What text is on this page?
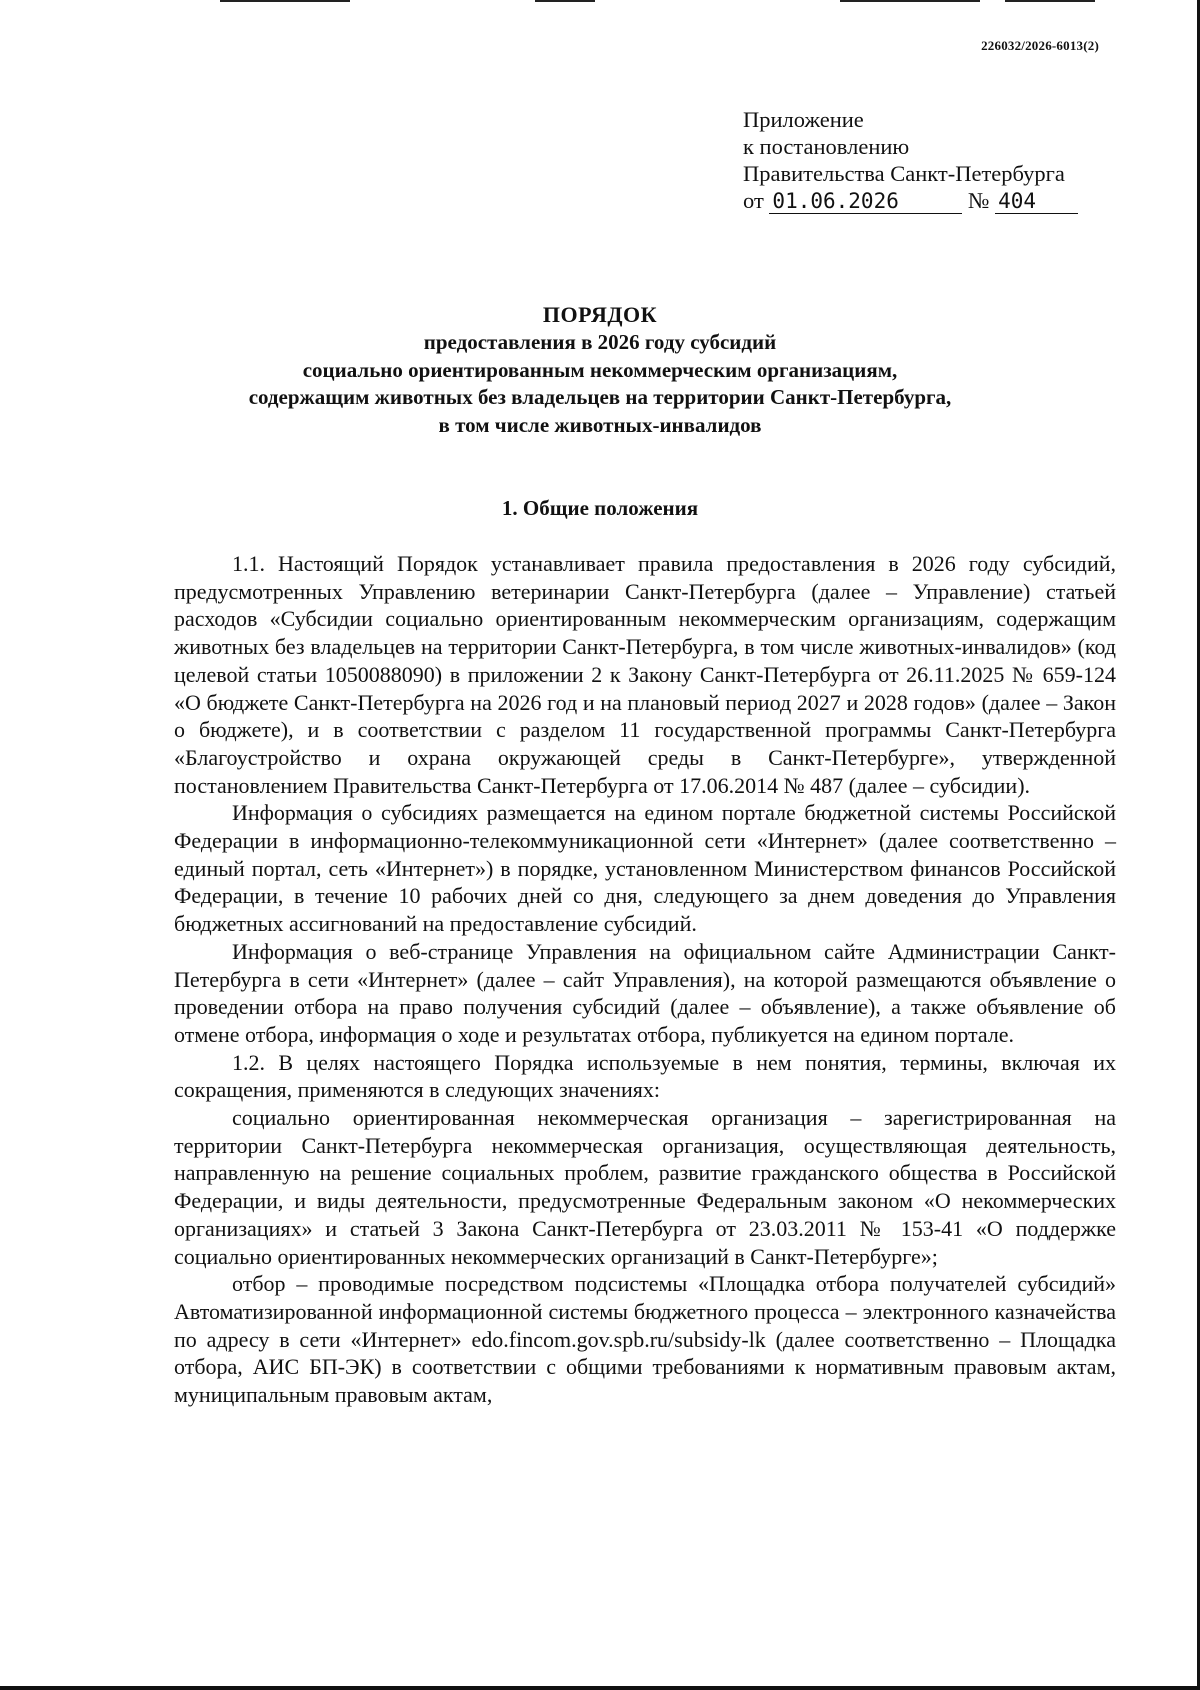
226032/2026-6013(2)
Приложение
к постановлению
Правительства Санкт-Петербурга
от 01.06.2026	№ 404
ПОРЯДОК
предоставления в 2026 году субсидий
социально ориентированным некоммерческим организациям,
содержащим животных без владельцев на территории Санкт-Петербурга,
в том числе животных-инвалидов
1. Общие положения

1.1. Настоящий Порядок устанавливает правила предоставления в 2026 году субсидий, предусмотренных Управлению ветеринарии Санкт-Петербурга (далее – Управление) статьей расходов «Субсидии социально ориентированным некоммерческим организациям, содержащим животных без владельцев на территории Санкт-Петербурга, в том числе животных-инвалидов» (код целевой статьи 1050088090) в приложении 2 к Закону Санкт-Петербурга от 26.11.2025 № 659-124 «О бюджете Санкт-Петербурга на 2026 год и на плановый период 2027 и 2028 годов» (далее – Закон о бюджете), и в соответствии с разделом 11 государственной программы Санкт-Петербурга «Благоустройство и охрана окружающей среды в Санкт-Петербурге», утвержденной постановлением Правительства Санкт-Петербурга от 17.06.2014 № 487 (далее – субсидии).

Информация о субсидиях размещается на едином портале бюджетной системы Российской Федерации в информационно-телекоммуникационной сети «Интернет» (далее соответственно – единый портал, сеть «Интернет») в порядке, установленном Министерством финансов Российской Федерации, в течение 10 рабочих дней со дня, следующего за днем доведения до Управления бюджетных ассигнований на предоставление субсидий.

Информация о веб-странице Управления на официальном сайте Администрации Санкт-Петербурга в сети «Интернет» (далее – сайт Управления), на которой размещаются объявление о проведении отбора на право получения субсидий (далее – объявление), а также объявление об отмене отбора, информация о ходе и результатах отбора, публикуется на едином портале.

1.2. В целях настоящего Порядка используемые в нем понятия, термины, включая их сокращения, применяются в следующих значениях:

социально ориентированная некоммерческая организация – зарегистрированная на территории Санкт-Петербурга некоммерческая организация, осуществляющая деятельность, направленную на решение социальных проблем, развитие гражданского общества в Российской Федерации, и виды деятельности, предусмотренные Федеральным законом «О некоммерческих организациях» и статьей 3 Закона Санкт-Петербурга от 23.03.2011 № 153-41 «О поддержке социально ориентированных некоммерческих организаций в Санкт-Петербурге»;

отбор – проводимые посредством подсистемы «Площадка отбора получателей субсидий» Автоматизированной информационной системы бюджетного процесса – электронного казначейства по адресу в сети «Интернет» edo.fincom.gov.spb.ru/subsidy-lk (далее соответственно – Площадка отбора, АИС БП-ЭК) в соответствии с общими требованиями к нормативным правовым актам, муниципальным правовым актам,
